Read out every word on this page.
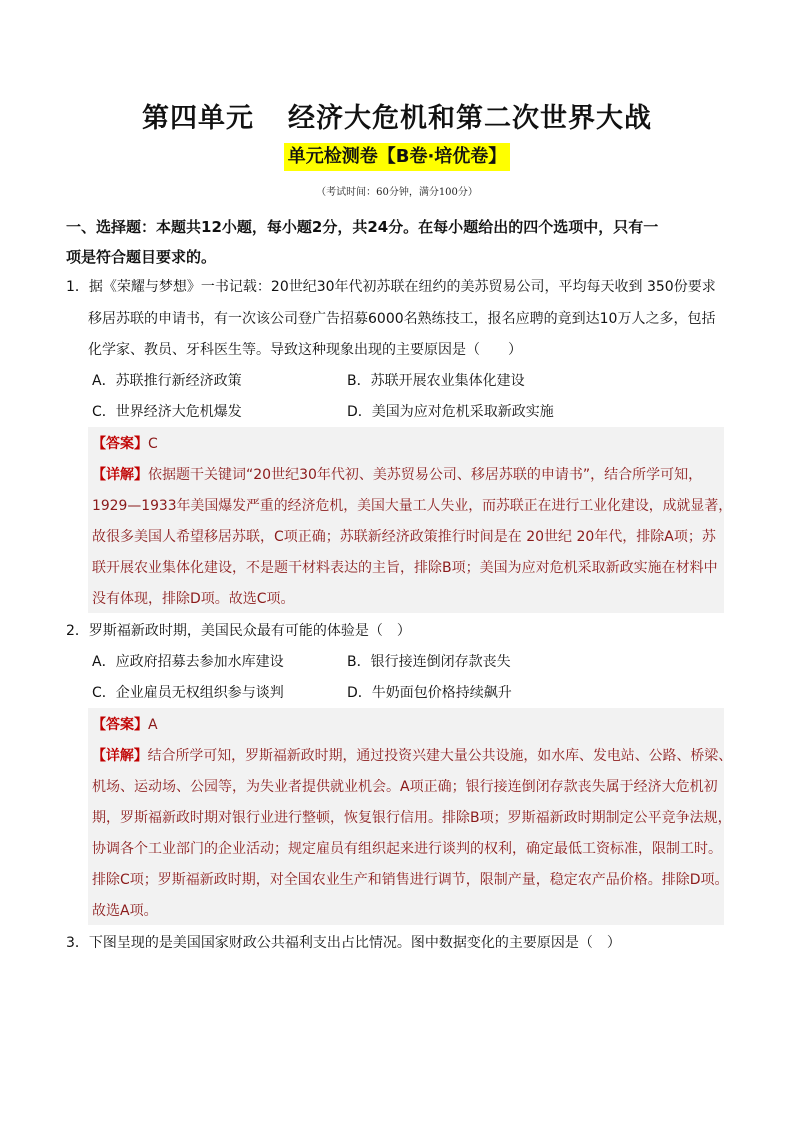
第四单元 经济大危机和第二次世界大战
单元检测卷【B卷·培优卷】
（考试时间：60分钟，满分100分）
一、选择题：本题共12小题，每小题2分，共24分。在每小题给出的四个选项中，只有一
项是符合题目要求的。
1．据《荣耀与梦想》一书记载：20世纪30年代初苏联在纽约的美苏贸易公司，平均每天收到 350份要求
移居苏联的申请书，有一次该公司登广告招募6000名熟练技工，报名应聘的竟到达10万人之多，包括
化学家、教员、牙科医生等。导致这种现象出现的主要原因是（　　）
A．苏联推行新经济政策	B．苏联开展农业集体化建设
C．世界经济大危机爆发	D．美国为应对危机采取新政实施
【答案】C
【详解】依据题干关键词“20世纪30年代初、美苏贸易公司、移居苏联的申请书”，结合所学可知，
1929—1933年美国爆发严重的经济危机，美国大量工人失业，而苏联正在进行工业化建设，成就显著，
故很多美国人希望移居苏联，C项正确；苏联新经济政策推行时间是在 20世纪 20年代，排除A项；苏
联开展农业集体化建设，不是题干材料表达的主旨，排除B项；美国为应对危机采取新政实施在材料中
没有体现，排除D项。故选C项。
2．罗斯福新政时期，美国民众最有可能的体验是（　）
A．应政府招募去参加水库建设	B．银行接连倒闭存款丧失
C．企业雇员无权组织参与谈判	D．牛奶面包价格持续飙升
【答案】A
【详解】结合所学可知，罗斯福新政时期，通过投资兴建大量公共设施，如水库、发电站、公路、桥梁、
机场、运动场、公园等，为失业者提供就业机会。A项正确；银行接连倒闭存款丧失属于经济大危机初
期，罗斯福新政时期对银行业进行整顿，恢复银行信用。排除B项；罗斯福新政时期制定公平竞争法规，
协调各个工业部门的企业活动；规定雇员有组织起来进行谈判的权利，确定最低工资标准，限制工时。
排除C项；罗斯福新政时期，对全国农业生产和销售进行调节，限制产量，稳定农产品价格。排除D项。
故选A项。
3．下图呈现的是美国国家财政公共福利支出占比情况。图中数据变化的主要原因是（　）
